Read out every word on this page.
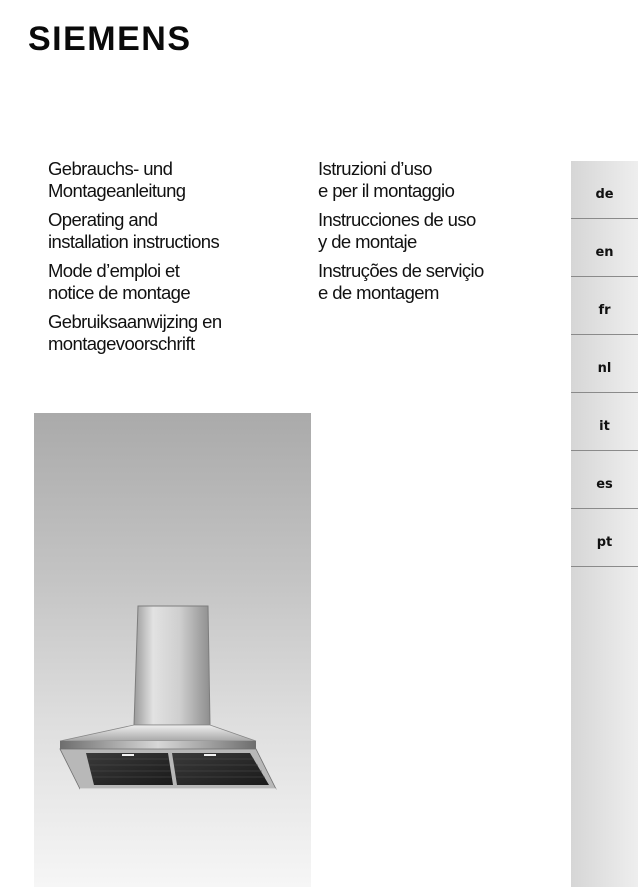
SIEMENS
Gebrauchs- und
Montageanleitung
Operating and
installation instructions
Mode d’emploi et
notice de montage
Gebruiksaanwijzing en
montagevoorschrift
Istruzioni d’uso
e per il montaggio
Instrucciones de uso
y de montaje
Instruções de serviçio
e de montagem
de
en
fr
nl
it
es
pt
